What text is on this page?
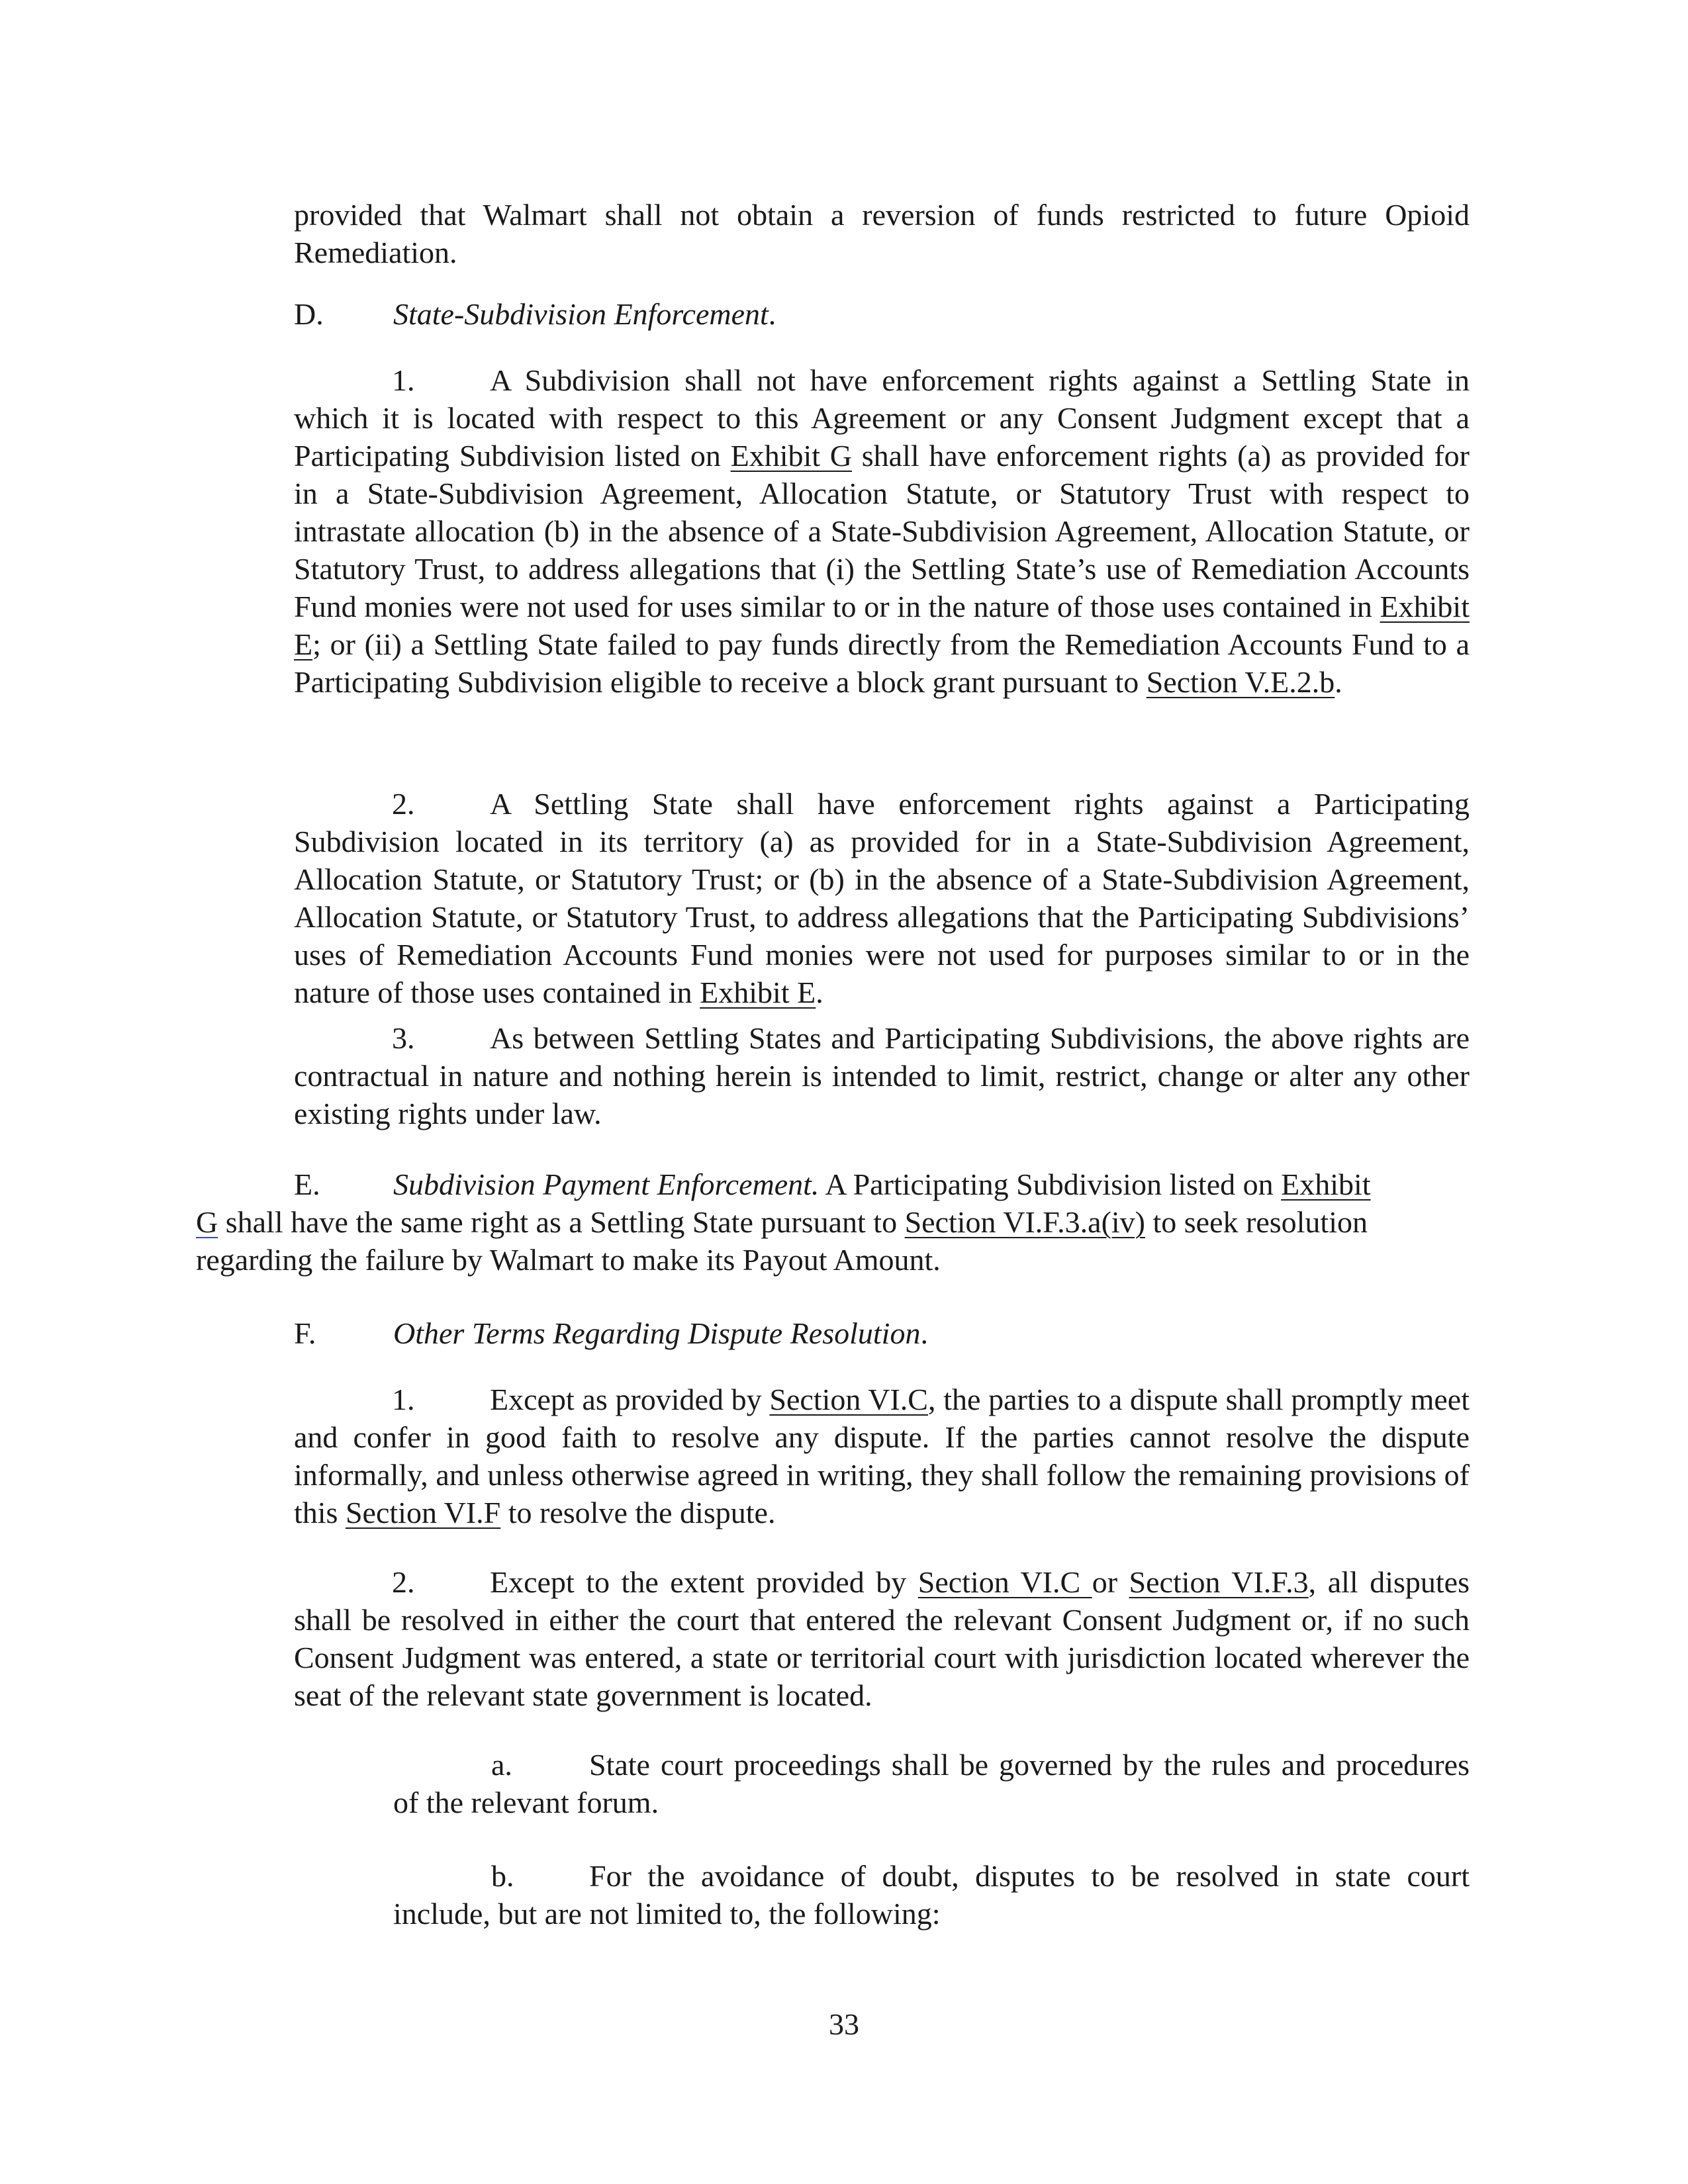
provided that Walmart shall not obtain a reversion of funds restricted to future Opioid Remediation.

D. State-Subdivision Enforcement.

1. A Subdivision shall not have enforcement rights against a Settling State in which it is located with respect to this Agreement or any Consent Judgment except that a Participating Subdivision listed on Exhibit G shall have enforcement rights (a) as provided for in a State-Subdivision Agreement, Allocation Statute, or Statutory Trust with respect to intrastate allocation (b) in the absence of a State-Subdivision Agreement, Allocation Statute, or Statutory Trust, to address allegations that (i) the Settling State’s use of Remediation Accounts Fund monies were not used for uses similar to or in the nature of those uses contained in Exhibit E; or (ii) a Settling State failed to pay funds directly from the Remediation Accounts Fund to a Participating Subdivision eligible to receive a block grant pursuant to Section V.E.2.b.

2. A Settling State shall have enforcement rights against a Participating Subdivision located in its territory (a) as provided for in a State-Subdivision Agreement, Allocation Statute, or Statutory Trust; or (b) in the absence of a State-Subdivision Agreement, Allocation Statute, or Statutory Trust, to address allegations that the Participating Subdivisions’ uses of Remediation Accounts Fund monies were not used for purposes similar to or in the nature of those uses contained in Exhibit E.

3. As between Settling States and Participating Subdivisions, the above rights are contractual in nature and nothing herein is intended to limit, restrict, change or alter any other existing rights under law.

E. Subdivision Payment Enforcement. A Participating Subdivision listed on Exhibit
G shall have the same right as a Settling State pursuant to Section VI.F.3.a(iv) to seek resolution regarding the failure by Walmart to make its Payout Amount.

F.	Other Terms Regarding Dispute Resolution.

1. Except as provided by Section VI.C, the parties to a dispute shall promptly meet and confer in good faith to resolve any dispute. If the parties cannot resolve the dispute informally, and unless otherwise agreed in writing, they shall follow the remaining provisions of this Section VI.F to resolve the dispute.

2. Except to the extent provided by Section VI.C or Section VI.F.3, all disputes shall be resolved in either the court that entered the relevant Consent Judgment or, if no such Consent Judgment was entered, a state or territorial court with jurisdiction located wherever the seat of the relevant state government is located.

a.	State court proceedings shall be governed by the rules and procedures of the relevant forum.

b. For the avoidance of doubt, disputes to be resolved in state court include, but are not limited to, the following:

33
